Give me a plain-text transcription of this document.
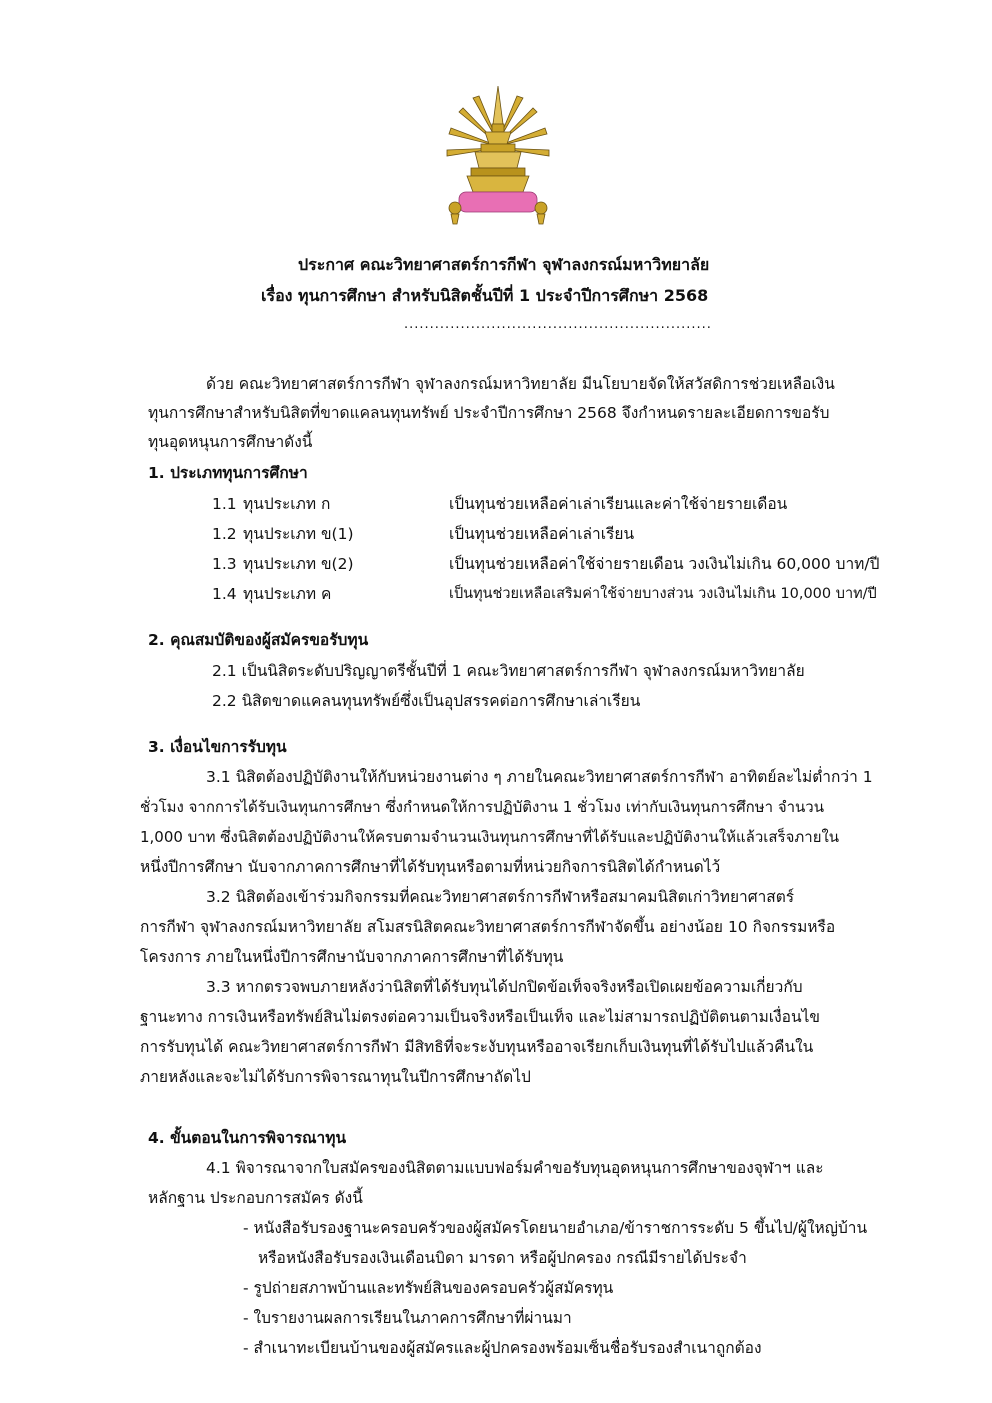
ประกาศ คณะวิทยาศาสตร์การกีฬา จุฬาลงกรณ์มหาวิทยาลัย
เรื่อง ทุนการศึกษา สำหรับนิสิตชั้นปีที่ 1 ประจำปีการศึกษา 2568
............................................................
ด้วย คณะวิทยาศาสตร์การกีฬา จุฬาลงกรณ์มหาวิทยาลัย มีนโยบายจัดให้สวัสดิการช่วยเหลือเงิน
ทุนการศึกษาสำหรับนิสิตที่ขาดแคลนทุนทรัพย์ ประจำปีการศึกษา 2568 จึงกำหนดรายละเอียดการขอรับ
ทุนอุดหนุนการศึกษาดังนี้
1. ประเภททุนการศึกษา
1.1 ทุนประเภท ก	เป็นทุนช่วยเหลือค่าเล่าเรียนและค่าใช้จ่ายรายเดือน
1.2 ทุนประเภท ข(1)	เป็นทุนช่วยเหลือค่าเล่าเรียน
1.3 ทุนประเภท ข(2)	เป็นทุนช่วยเหลือค่าใช้จ่ายรายเดือน วงเงินไม่เกิน 60,000 บาท/ปี
1.4 ทุนประเภท ค	เป็นทุนช่วยเหลือเสริมค่าใช้จ่ายบางส่วน วงเงินไม่เกิน 10,000 บาท/ปี
2. คุณสมบัติของผู้สมัครขอรับทุน
2.1 เป็นนิสิตระดับปริญญาตรีชั้นปีที่ 1 คณะวิทยาศาสตร์การกีฬา จุฬาลงกรณ์มหาวิทยาลัย
2.2 นิสิตขาดแคลนทุนทรัพย์ซึ่งเป็นอุปสรรคต่อการศึกษาเล่าเรียน
3. เงื่อนไขการรับทุน
3.1 นิสิตต้องปฏิบัติงานให้กับหน่วยงานต่าง ๆ ภายในคณะวิทยาศาสตร์การกีฬา อาทิตย์ละไม่ต่ำกว่า 1
ชั่วโมง จากการได้รับเงินทุนการศึกษา ซึ่งกำหนดให้การปฏิบัติงาน 1 ชั่วโมง เท่ากับเงินทุนการศึกษา จำนวน
1,000 บาท ซึ่งนิสิตต้องปฏิบัติงานให้ครบตามจำนวนเงินทุนการศึกษาที่ได้รับและปฏิบัติงานให้แล้วเสร็จภายใน
หนึ่งปีการศึกษา นับจากภาคการศึกษาที่ได้รับทุนหรือตามที่หน่วยกิจการนิสิตได้กำหนดไว้
3.2 นิสิตต้องเข้าร่วมกิจกรรมที่คณะวิทยาศาสตร์การกีฬาหรือสมาคมนิสิตเก่าวิทยาศาสตร์
การกีฬา จุฬาลงกรณ์มหาวิทยาลัย สโมสรนิสิตคณะวิทยาศาสตร์การกีฬาจัดขึ้น อย่างน้อย 10 กิจกรรมหรือ
โครงการ ภายในหนึ่งปีการศึกษานับจากภาคการศึกษาที่ได้รับทุน
3.3 หากตรวจพบภายหลังว่านิสิตที่ได้รับทุนได้ปกปิดข้อเท็จจริงหรือเปิดเผยข้อความเกี่ยวกับ
ฐานะทาง การเงินหรือทรัพย์สินไม่ตรงต่อความเป็นจริงหรือเป็นเท็จ และไม่สามารถปฏิบัติตนตามเงื่อนไข
การรับทุนได้ คณะวิทยาศาสตร์การกีฬา มีสิทธิที่จะระงับทุนหรืออาจเรียกเก็บเงินทุนที่ได้รับไปแล้วคืนใน
ภายหลังและจะไม่ได้รับการพิจารณาทุนในปีการศึกษาถัดไป
4. ขั้นตอนในการพิจารณาทุน
4.1 พิจารณาจากใบสมัครของนิสิตตามแบบฟอร์มคำขอรับทุนอุดหนุนการศึกษาของจุฬาฯ และ
หลักฐาน ประกอบการสมัคร ดังนี้
- หนังสือรับรองฐานะครอบครัวของผู้สมัครโดยนายอำเภอ/ข้าราชการระดับ 5 ขึ้นไป/ผู้ใหญ่บ้าน
หรือหนังสือรับรองเงินเดือนบิดา มารดา หรือผู้ปกครอง กรณีมีรายได้ประจำ
- รูปถ่ายสภาพบ้านและทรัพย์สินของครอบครัวผู้สมัครทุน
- ใบรายงานผลการเรียนในภาคการศึกษาที่ผ่านมา
- สำเนาทะเบียนบ้านของผู้สมัครและผู้ปกครองพร้อมเซ็นชื่อรับรองสำเนาถูกต้อง
